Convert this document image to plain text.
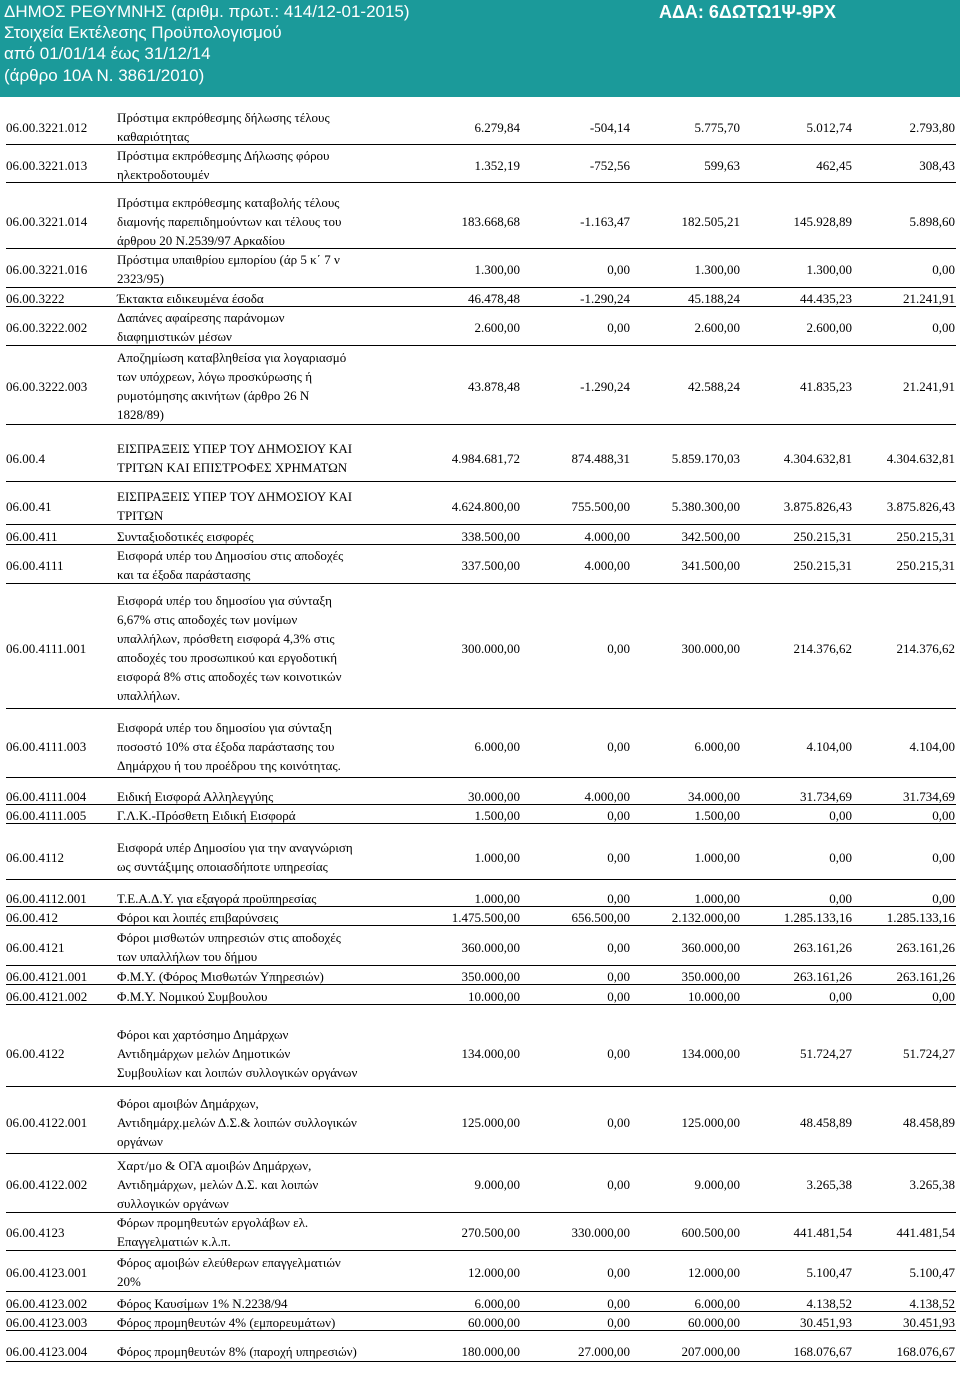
ΔΗΜΟΣ ΡΕΘΥΜΝΗΣ (αριθμ. πρωτ.: 414/12-01-2015)
Στοιχεία Εκτέλεσης Προϋπολογισμού
από 01/01/14 έως 31/12/14
(άρθρο 10Α Ν. 3861/2010)
ΑΔΑ: 6ΔΩΤΩ1Ψ-9ΡΧ
06.00.3221.012
Πρόστιμα εκπρόθεσμης δήλωσης τέλους
καθαριότητας
6.279,84	-504,14	5.775,70	5.012,74	2.793,80
06.00.3221.013
Πρόστιμα εκπρόθεσμης Δήλωσης φόρου
ηλεκτροδοτουμέν
1.352,19	-752,56	599,63	462,45	308,43
06.00.3221.014
Πρόστιμα εκπρόθεσμης καταβολής τέλους
διαμονής παρεπιδημούντων και τέλους του
άρθρου 20 Ν.2539/97 Αρκαδίου
183.668,68	-1.163,47	182.505,21	145.928,89	5.898,60
06.00.3221.016
Πρόστιμα υπαιθρίου εμπορίου (άρ 5 κ΄ 7 ν
2323/95)
1.300,00	0,00	1.300,00	1.300,00	0,00
06.00.3222	Έκτακτα ειδικευμένα έσοδα	46.478,48	-1.290,24	45.188,24	44.435,23	21.241,91
06.00.3222.002
Δαπάνες αφαίρεσης παράνομων
διαφημιστικών μέσων
2.600,00	0,00	2.600,00	2.600,00	0,00
06.00.3222.003
Αποζημίωση καταβληθείσα για λογαριασμό
των υπόχρεων, λόγω προσκύρωσης ή
ρυμοτόμησης ακινήτων (άρθρο 26 Ν
1828/89)
43.878,48	-1.290,24	42.588,24	41.835,23	21.241,91
06.00.4
ΕΙΣΠΡΑΞΕΙΣ ΥΠΕΡ ΤΟΥ ΔΗΜΟΣΙΟΥ ΚΑΙ
ΤΡΙΤΩΝ ΚΑΙ ΕΠΙΣΤΡΟΦΕΣ ΧΡΗΜΑΤΩΝ
4.984.681,72	874.488,31	5.859.170,03	4.304.632,81	4.304.632,81
06.00.41
ΕΙΣΠΡΑΞΕΙΣ ΥΠΕΡ ΤΟΥ ΔΗΜΟΣΙΟΥ ΚΑΙ
ΤΡΙΤΩΝ
4.624.800,00	755.500,00	5.380.300,00	3.875.826,43	3.875.826,43
06.00.411	Συνταξιοδοτικές εισφορές	338.500,00	4.000,00	342.500,00	250.215,31	250.215,31
06.00.4111
Εισφορά υπέρ του Δημοσίου στις αποδοχές
και τα έξοδα παράστασης
337.500,00	4.000,00	341.500,00	250.215,31	250.215,31
06.00.4111.001
Εισφορά υπέρ του δημοσίου για σύνταξη
6,67% στις αποδοχές των μονίμων
υπαλλήλων, πρόσθετη εισφορά 4,3% στις
αποδοχές του προσωπικού και εργοδοτική
εισφορά 8% στις αποδοχές των κοινοτικών
υπαλλήλων.
300.000,00	0,00	300.000,00	214.376,62	214.376,62
06.00.4111.003
Εισφορά υπέρ του δημοσίου για σύνταξη
ποσοστό 10% στα έξοδα παράστασης του
Δημάρχου ή του προέδρου της κοινότητας.
6.000,00	0,00	6.000,00	4.104,00	4.104,00
06.00.4111.004	Ειδική Εισφορά Αλληλεγγύης	30.000,00	4.000,00	34.000,00	31.734,69	31.734,69
06.00.4111.005	Γ.Λ.Κ.-Πρόσθετη Ειδική Εισφορά	1.500,00	0,00	1.500,00	0,00	0,00
06.00.4112
Εισφορά υπέρ Δημοσίου για την αναγνώριση
ως συντάξιμης οποιασδήποτε υπηρεσίας
1.000,00	0,00	1.000,00	0,00	0,00
06.00.4112.001	Τ.Ε.Α.Δ.Υ. για εξαγορά προϋπηρεσίας	1.000,00	0,00	1.000,00	0,00	0,00
06.00.412	Φόροι και λοιπές επιβαρύνσεις	1.475.500,00	656.500,00	2.132.000,00	1.285.133,16	1.285.133,16
06.00.4121
Φόροι μισθωτών υπηρεσιών στις αποδοχές
των υπαλλήλων του δήμου
360.000,00	0,00	360.000,00	263.161,26	263.161,26
06.00.4121.001	Φ.Μ.Υ. (Φόρος Μισθωτών Υπηρεσιών)	350.000,00	0,00	350.000,00	263.161,26	263.161,26
06.00.4121.002	Φ.Μ.Υ. Νομικού Συμβουλου	10.000,00	0,00	10.000,00	0,00	0,00
06.00.4122
Φόροι και χαρτόσημο Δημάρχων
Αντιδημάρχων μελών Δημοτικών
Συμβουλίων και λοιπών συλλογικών οργάνων
134.000,00	0,00	134.000,00	51.724,27	51.724,27
06.00.4122.001
Φόροι αμοιβών Δημάρχων,
Αντιδημάρχ.μελών Δ.Σ.& λοιπών συλλογικών
οργάνων
125.000,00	0,00	125.000,00	48.458,89	48.458,89
06.00.4122.002
Χαρτ/μο & ΟΓΑ αμοιβών Δημάρχων,
Αντιδημάρχων, μελών Δ.Σ. και λοιπών
συλλογικών οργάνων
9.000,00	0,00	9.000,00	3.265,38	3.265,38
06.00.4123
Φόρων προμηθευτών εργολάβων ελ.
Επαγγελματιών κ.λ.π.
270.500,00	330.000,00	600.500,00	441.481,54	441.481,54
06.00.4123.001
Φόρος αμοιβών ελεύθερων επαγγελματιών
20%
12.000,00	0,00	12.000,00	5.100,47	5.100,47
06.00.4123.002	Φόρος Καυσίμων 1% Ν.2238/94	6.000,00	0,00	6.000,00	4.138,52	4.138,52
06.00.4123.003	Φόρος προμηθευτών 4% (εμπορευμάτων)	60.000,00	0,00	60.000,00	30.451,93	30.451,93
06.00.4123.004	Φόρος προμηθευτών 8% (παροχή υπηρεσιών)	180.000,00	27.000,00	207.000,00	168.076,67	168.076,67
